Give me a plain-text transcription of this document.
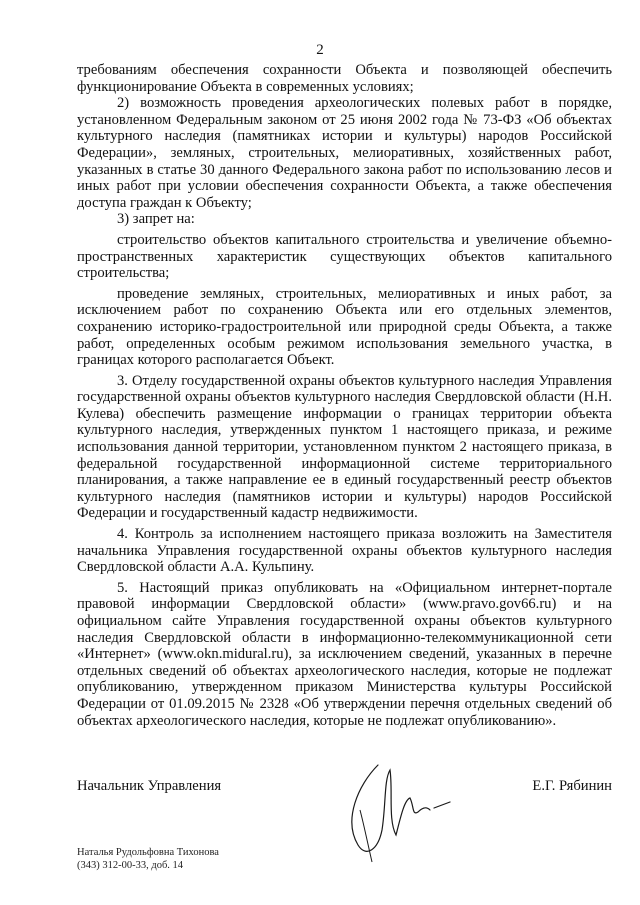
2

требованиям обеспечения сохранности Объекта и позволяющей обеспечить функционирование Объекта в современных условиях;

2) возможность проведения археологических полевых работ в порядке, установленном Федеральным законом от 25 июня 2002 года № 73-ФЗ «Об объектах культурного наследия (памятниках истории и культуры) народов Российской Федерации», земляных, строительных, мелиоративных, хозяйственных работ, указанных в статье 30 данного Федерального закона работ по использованию лесов и иных работ при условии обеспечения сохранности Объекта, а также обеспечения доступа граждан к Объекту;

3) запрет на:

строительство объектов капитального строительства и увеличение объемно-пространственных характеристик существующих объектов капитального строительства;

проведение земляных, строительных, мелиоративных и иных работ, за исключением работ по сохранению Объекта или его отдельных элементов, сохранению историко-градостроительной или природной среды Объекта, а также работ, определенных особым режимом использования земельного участка, в границах которого располагается Объект.

3. Отделу государственной охраны объектов культурного наследия Управления государственной охраны объектов культурного наследия Свердловской области (Н.Н. Кулева) обеспечить размещение информации о границах территории объекта культурного наследия, утвержденных пунктом 1 настоящего приказа, и режиме использования данной территории, установленном пунктом 2 настоящего приказа, в федеральной государственной информационной системе территориального планирования, а также направление ее в единый государственный реестр объектов культурного наследия (памятников истории и культуры) народов Российской Федерации и государственный кадастр недвижимости.

4. Контроль за исполнением настоящего приказа возложить на Заместителя начальника Управления государственной охраны объектов культурного наследия Свердловской области А.А. Кульпину.

5. Настоящий приказ опубликовать на «Официальном интернет-портале правовой информации Свердловской области» (www.pravo.gov66.ru) и на официальном сайте Управления государственной охраны объектов культурного наследия Свердловской области в информационно-телекоммуникационной сети «Интернет» (www.okn.midural.ru), за исключением сведений, указанных в перечне отдельных сведений об объектах археологического наследия, которые не подлежат опубликованию, утвержденном приказом Министерства культуры Российской Федерации от 01.09.2015 № 2328 «Об утверждении перечня отдельных сведений об объектах археологического наследия, которые не подлежат опубликованию».

Начальник Управления	Е.Г. Рябинин
Наталья Рудольфовна Тихонова
(343) 312-00-33, доб. 14
